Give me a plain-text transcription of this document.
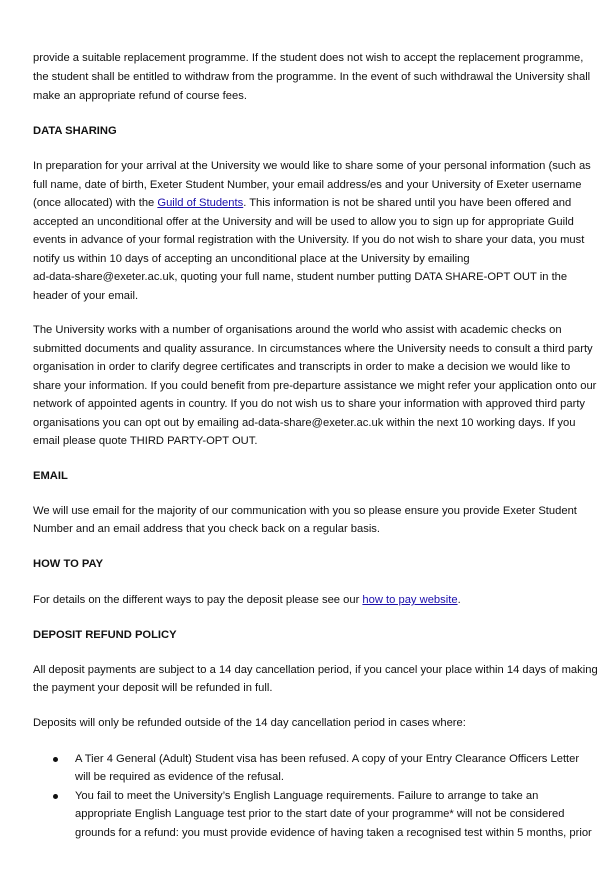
provide a suitable replacement programme. If the student does not wish to accept the replacement programme,

the student shall be entitled to withdraw from the programme. In the event of such withdrawal the University shall

make an appropriate refund of course fees.

DATA SHARING

In preparation for your arrival at the University we would like to share some of your personal information (such as

full name, date of birth, Exeter Student Number, your email address/es and your University of Exeter username

(once allocated) with the Guild of Students. This information is not be shared until you have been offered and

accepted an unconditional offer at the University and will be used to allow you to sign up for appropriate Guild

events in advance of your formal registration with the University. If you do not wish to share your data, you must

notify us within 10 days of accepting an unconditional place at the University by emailing

ad-data-share@exeter.ac.uk, quoting your full name, student number putting DATA SHARE-OPT OUT in the

header of your email.

The University works with a number of organisations around the world who assist with academic checks on

submitted documents and quality assurance. In circumstances where the University needs to consult a third party

organisation in order to clarify degree certificates and transcripts in order to make a decision we would like to

share your information. If you could benefit from pre-departure assistance we might refer your application onto our

network of appointed agents in country. If you do not wish us to share your information with approved third party

organisations you can opt out by emailing ad-data-share@exeter.ac.uk within the next 10 working days. If you

email please quote THIRD PARTY-OPT OUT.

EMAIL

We will use email for the majority of our communication with you so please ensure you provide Exeter Student

Number and an email address that you check back on a regular basis.

HOW TO PAY

For details on the different ways to pay the deposit please see our how to pay website.

DEPOSIT REFUND POLICY

All deposit payments are subject to a 14 day cancellation period, if you cancel your place within 14 days of making

the payment your deposit will be refunded in full.

Deposits will only be refunded outside of the 14 day cancellation period in cases where:

A Tier 4 General (Adult) Student visa has been refused. A copy of your Entry Clearance Officers Letter

will be required as evidence of the refusal.

You fail to meet the University’s English Language requirements. Failure to arrange to take an

appropriate English Language test prior to the start date of your programme* will not be considered

grounds for a refund: you must provide evidence of having taken a recognised test within 5 months, prior
